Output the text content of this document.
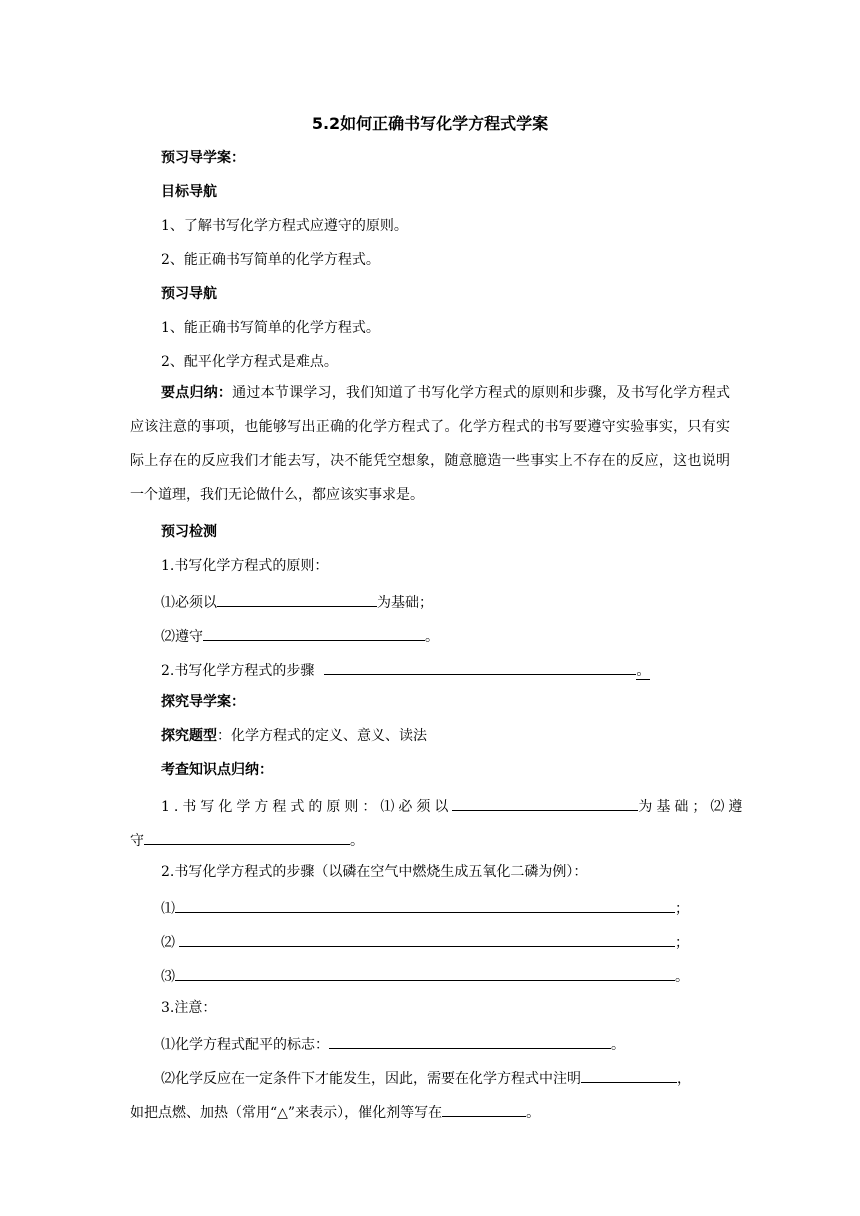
5.2如何正确书写化学方程式学案
预习导学案：
目标导航
1、了解书写化学方程式应遵守的原则。
2、能正确书写简单的化学方程式。
预习导航
1、能正确书写简单的化学方程式。
2、配平化学方程式是难点。
要点归纳：通过本节课学习，我们知道了书写化学方程式的原则和步骤，及书写化学方程式应该注意的事项，也能够写出正确的化学方程式了。化学方程式的书写要遵守实验事实，只有实际上存在的反应我们才能去写，决不能凭空想象，随意臆造一些事实上不存在的反应，这也说明一个道理，我们无论做什么，都应该实事求是。
预习检测
1.书写化学方程式的原则：
⑴必须以	为基础；
⑵遵守	。
2.书写化学方程式的步骤	。
探究导学案：
探究题型：化学方程式的定义、意义、读法
考查知识点归纳：
1.书写化学方程式的原则：⑴必须以	为基础；⑵遵
守	。
2.书写化学方程式的步骤（以磷在空气中燃烧生成五氧化二磷为例）：
⑴	；
⑵	；
⑶	。
3.注意：
⑴化学方程式配平的标志：	。
⑵化学反应在一定条件下才能发生，因此，需要在化学方程式中注明	，
如把点燃、加热（常用“△”来表示），催化剂等写在	。
